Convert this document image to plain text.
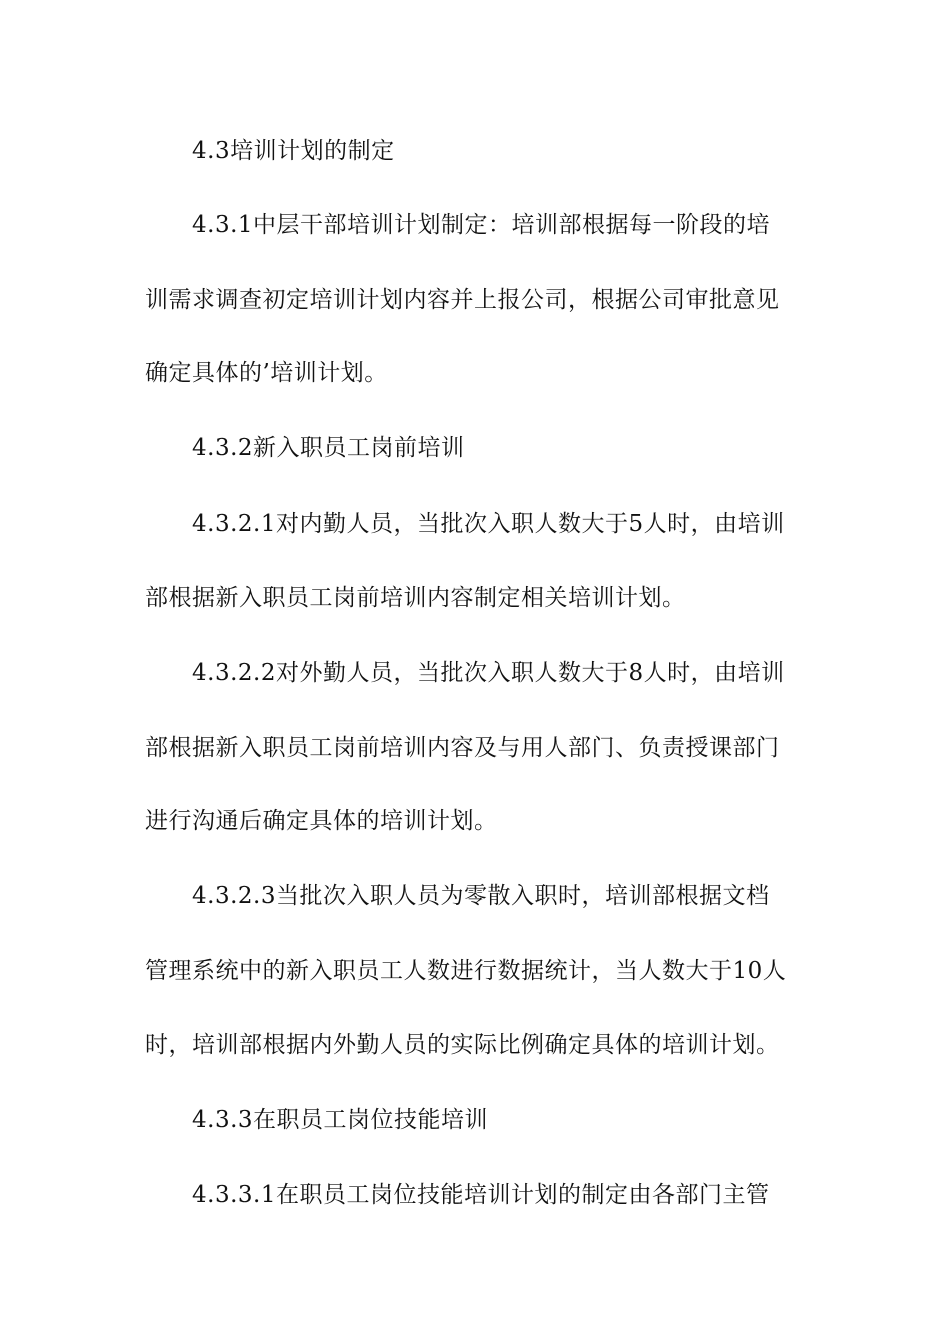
4.3培训计划的制定
4.3.1中层干部培训计划制定：培训部根据每一阶段的培
训需求调查初定培训计划内容并上报公司，根据公司审批意见
确定具体的’培训计划。
4.3.2新入职员工岗前培训
4.3.2.1对内勤人员，当批次入职人数大于5人时，由培训
部根据新入职员工岗前培训内容制定相关培训计划。
4.3.2.2对外勤人员，当批次入职人数大于8人时，由培训
部根据新入职员工岗前培训内容及与用人部门、负责授课部门
进行沟通后确定具体的培训计划。
4.3.2.3当批次入职人员为零散入职时，培训部根据文档
管理系统中的新入职员工人数进行数据统计，当人数大于10人
时，培训部根据内外勤人员的实际比例确定具体的培训计划。
4.3.3在职员工岗位技能培训
4.3.3.1在职员工岗位技能培训计划的制定由各部门主管
